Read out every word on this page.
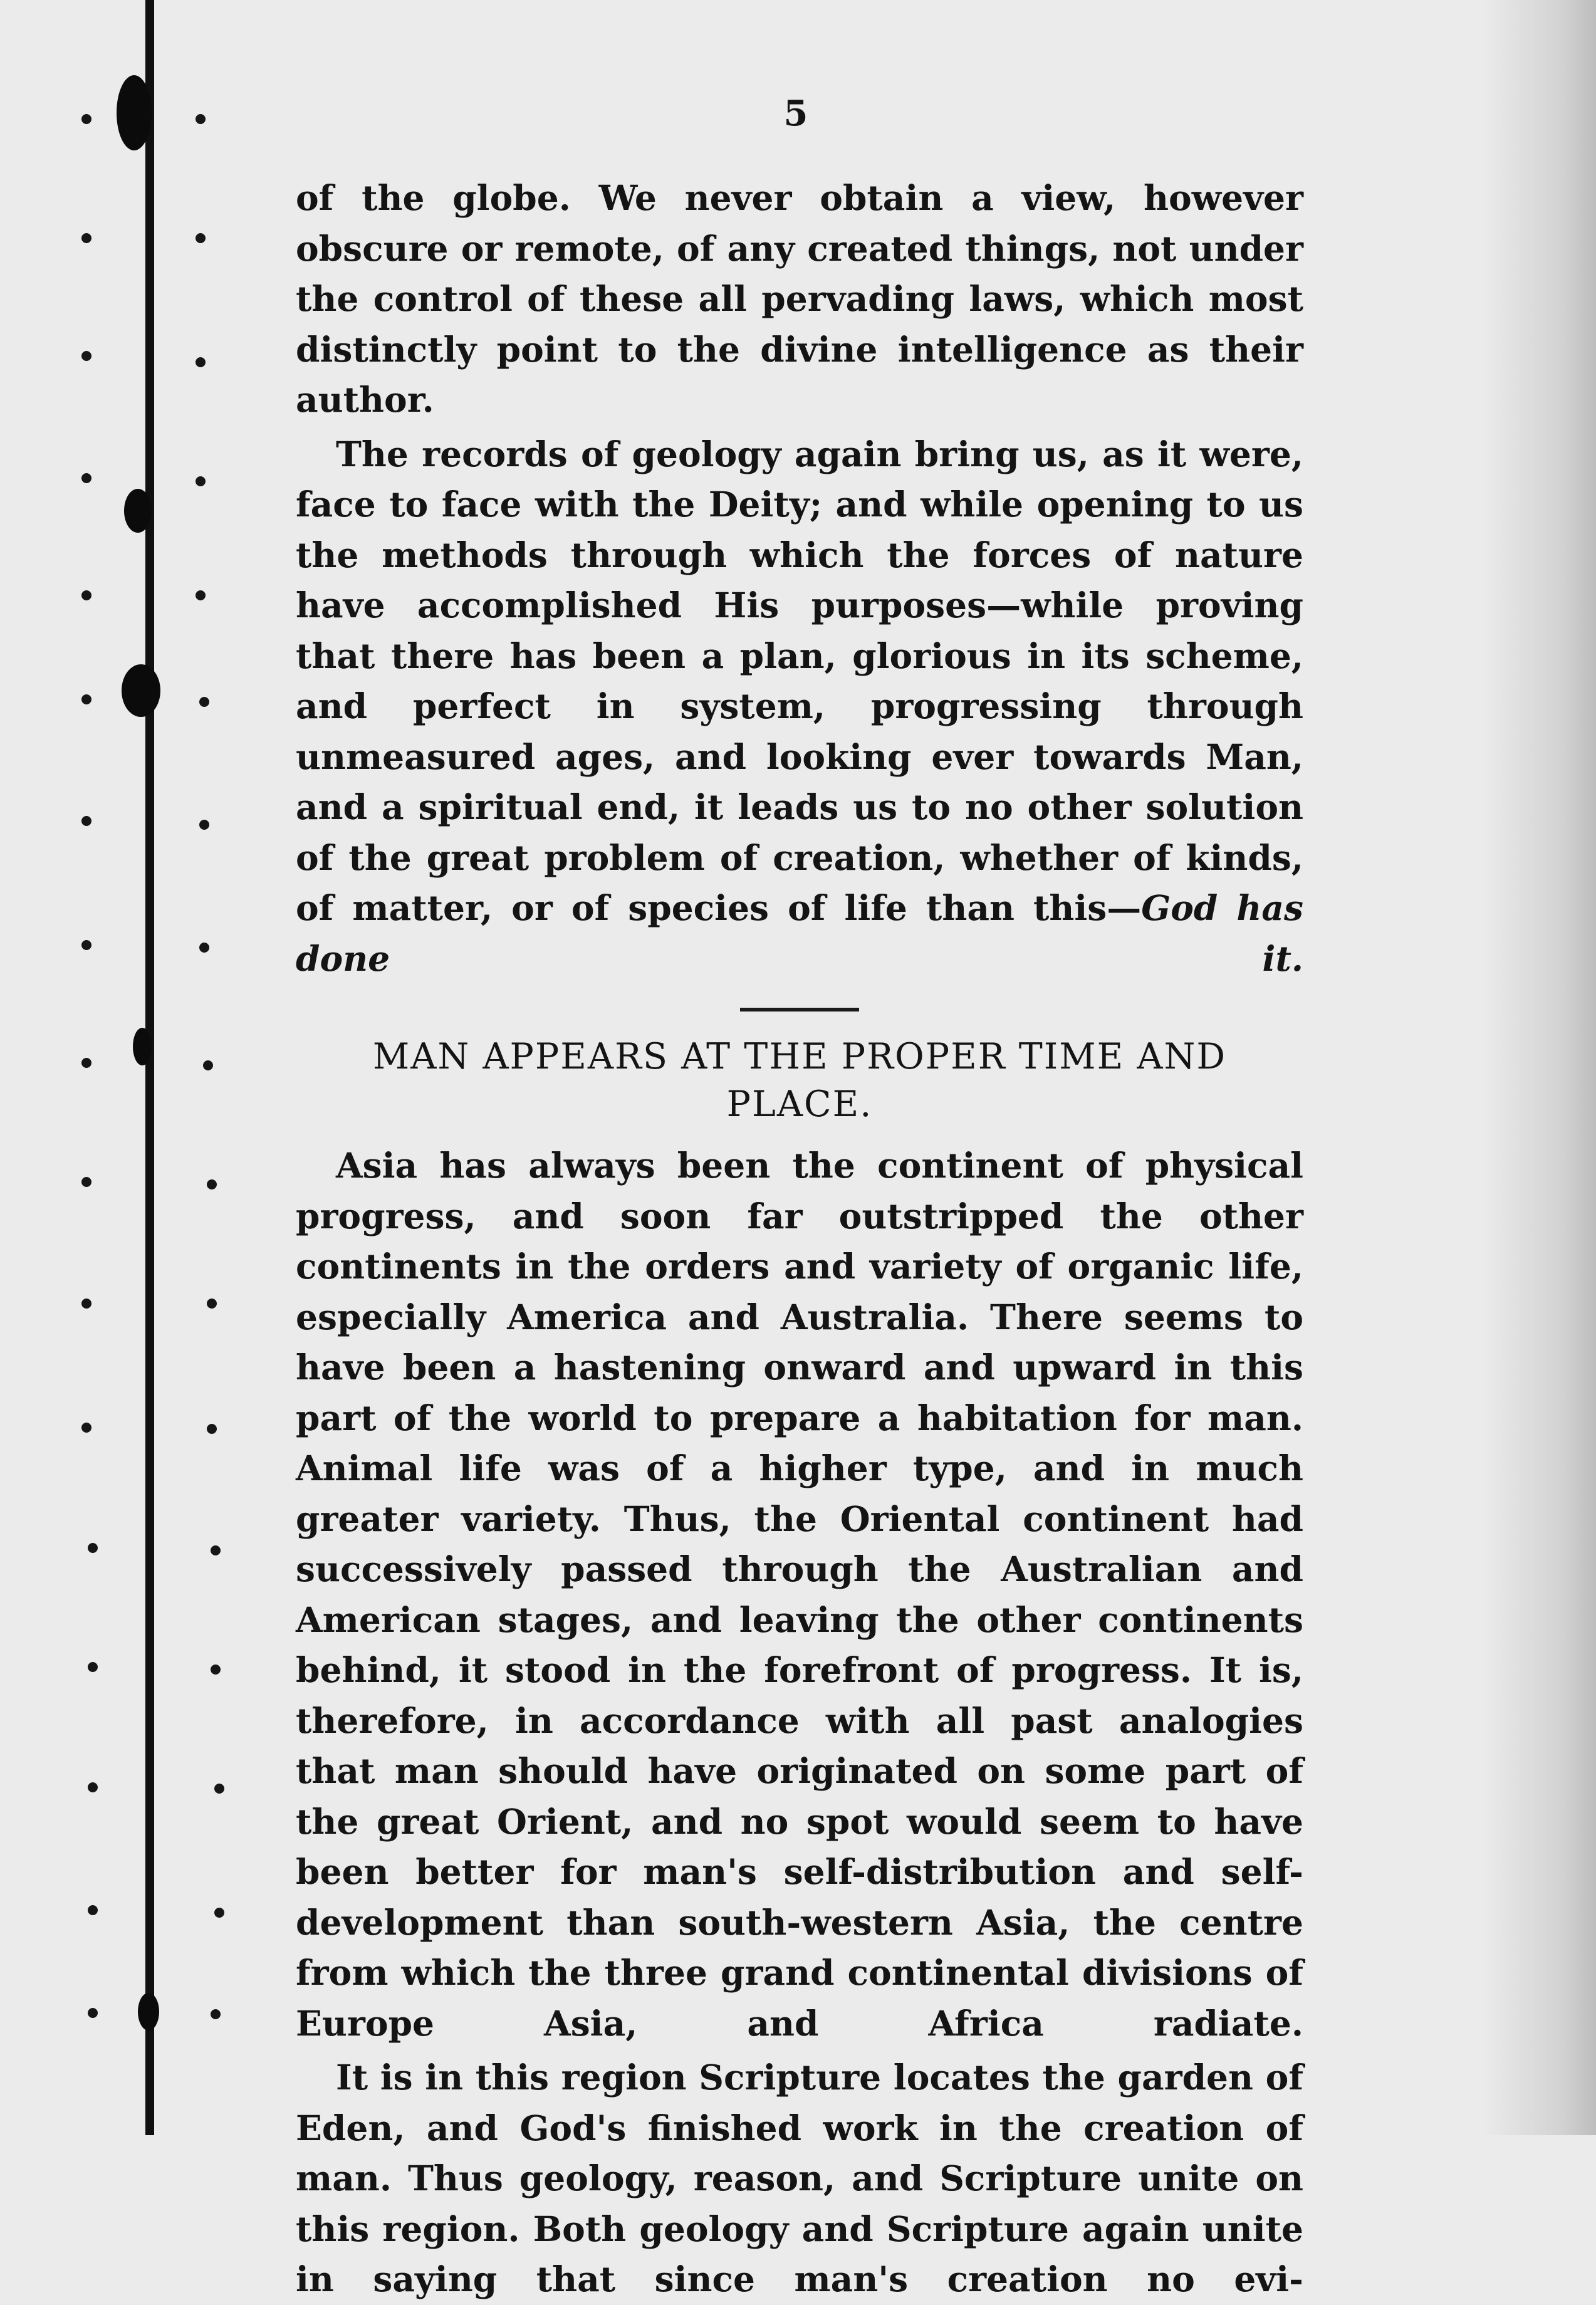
5

of the globe. We never obtain a view, however obscure or remote, of any created things, not under the control of these all pervading laws, which most distinctly point to the divine intelligence as their author.

The records of geology again bring us, as it were, face to face with the Deity; and while opening to us the methods through which the forces of nature have accomplished His purposes—while proving that there has been a plan, glorious in its scheme, and perfect in system, progressing through unmeasured ages, and looking ever towards Man, and a spiritual end, it leads us to no other solution of the great problem of creation, whether of kinds, of matter, or of species of life than this—God has done it.

MAN APPEARS AT THE PROPER TIME AND PLACE.

Asia has always been the continent of physical progress, and soon far outstripped the other continents in the orders and variety of organic life, especially America and Australia. There seems to have been a hastening onward and upward in this part of the world to prepare a habitation for man. Animal life was of a higher type, and in much greater variety. Thus, the Oriental continent had successively passed through the Australian and American stages, and leaving the other continents behind, it stood in the forefront of progress. It is, therefore, in accordance with all past analogies that man should have originated on some part of the great Orient, and no spot would seem to have been better for man's self-distribution and self-development than south-western Asia, the centre from which the three grand continental divisions of Europe Asia, and Africa radiate.

It is in this region Scripture locates the garden of Eden, and God's finished work in the creation of man. Thus geology, reason, and Scripture unite on this region. Both geology and Scripture again unite in saying that since man's creation no evi-
